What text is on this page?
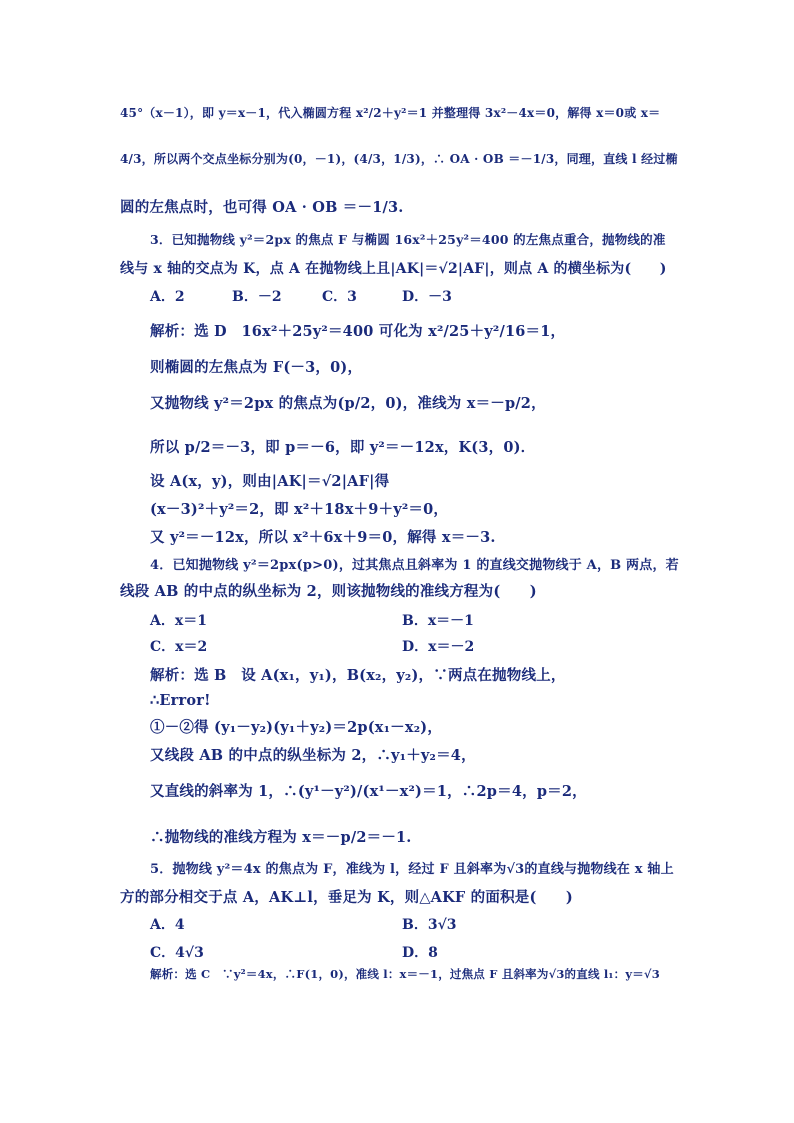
45°（x－1），即 y＝x－1，代入椭圆方程 x²/2＋y²＝1 并整理得 3x²－4x＝0，解得 x＝0或 x＝
4/3，所以两个交点坐标分别为(0，－1)，(4/3，1/3)，∴ OA · OB ＝－1/3，同理，直线 l 经过椭
圆的左焦点时，也可得 OA · OB ＝－1/3.
3．已知抛物线 y²＝2px 的焦点 F 与椭圆 16x²＋25y²＝400 的左焦点重合，抛物线的准
线与 x 轴的交点为 K，点 A 在抛物线上且|AK|＝√2|AF|，则点 A 的横坐标为(　　)
A．2	B．－2	C．3	D．－3
解析：选 D　16x²＋25y²＝400 可化为 x²/25＋y²/16＝1，
则椭圆的左焦点为 F(－3，0)，
又抛物线 y²＝2px 的焦点为(p/2，0)，准线为 x＝－p/2，
所以 p/2＝－3，即 p＝－6，即 y²＝－12x，K(3，0)．
设 A(x，y)，则由|AK|＝√2|AF|得
(x－3)²＋y²＝2，即 x²＋18x＋9＋y²＝0，
又 y²＝－12x，所以 x²＋6x＋9＝0，解得 x＝－3.
4．已知抛物线 y²＝2px(p>0)，过其焦点且斜率为 1 的直线交抛物线于 A，B 两点，若
线段 AB 的中点的纵坐标为 2，则该抛物线的准线方程为(　　)
A．x＝1	B．x＝－1
C．x＝2	D．x＝－2
解析：选 B　设 A(x₁，y₁)，B(x₂，y₂)，∵两点在抛物线上，
∴Error!
①－②得 (y₁－y₂)(y₁＋y₂)＝2p(x₁－x₂)，
又线段 AB 的中点的纵坐标为 2，∴y₁＋y₂＝4，
又直线的斜率为 1，∴(y¹－y²)/(x¹－x²)＝1，∴2p＝4，p＝2，
∴抛物线的准线方程为 x＝－p/2＝－1.
5．抛物线 y²＝4x 的焦点为 F，准线为 l，经过 F 且斜率为√3的直线与抛物线在 x 轴上
方的部分相交于点 A，AK⊥l，垂足为 K，则△AKF 的面积是(　　)
A．4	B．3√3
C．4√3	D．8
解析：选 C　∵y²＝4x，∴F(1，0)，准线 l：x＝－1，过焦点 F 且斜率为√3的直线 l₁：y＝√3
